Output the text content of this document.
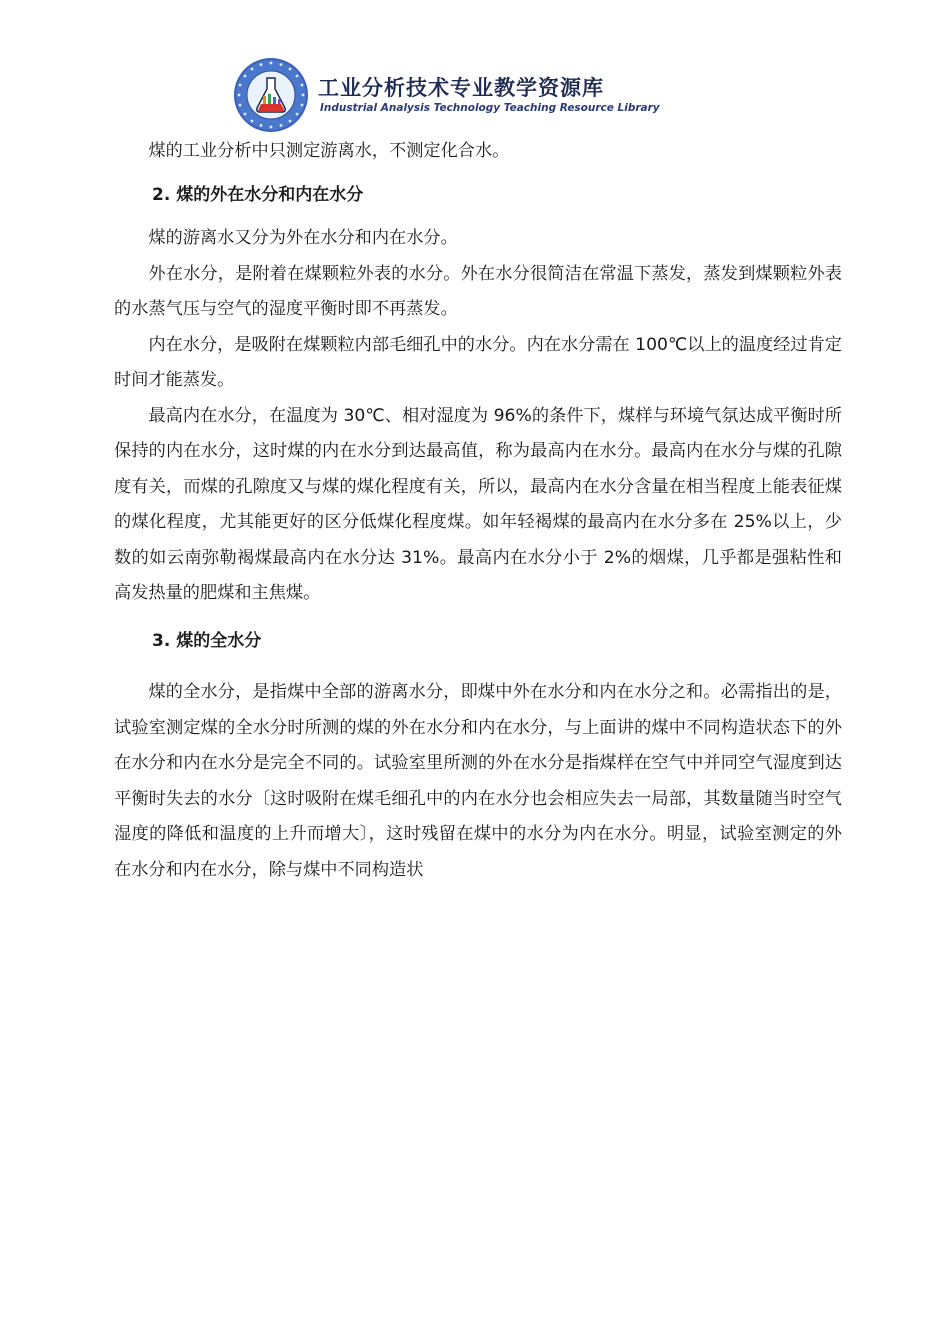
工业分析技术专业教学资源库
Industrial Analysis Technology Teaching Resource Library

煤的工业分析中只测定游离水，不测定化合水。

2. 煤的外在水分和内在水分

煤的游离水又分为外在水分和内在水分。

外在水分，是附着在煤颗粒外表的水分。外在水分很简洁在常温下蒸发，蒸发到煤颗粒外表的水蒸气压与空气的湿度平衡时即不再蒸发。

内在水分，是吸附在煤颗粒内部毛细孔中的水分。内在水分需在 100℃以上的温度经过肯定时间才能蒸发。

最高内在水分，在温度为 30℃、相对湿度为 96%的条件下，煤样与环境气氛达成平衡时所保持的内在水分，这时煤的内在水分到达最高值，称为最高内在水分。最高内在水分与煤的孔隙度有关，而煤的孔隙度又与煤的煤化程度有关，所以，最高内在水分含量在相当程度上能表征煤的煤化程度，尤其能更好的区分低煤化程度煤。如年轻褐煤的最高内在水分多在 25%以上，少数的如云南弥勒褐煤最高内在水分达 31%。最高内在水分小于 2%的烟煤，几乎都是强粘性和高发热量的肥煤和主焦煤。

3. 煤的全水分

煤的全水分，是指煤中全部的游离水分，即煤中外在水分和内在水分之和。必需指出的是，试验室测定煤的全水分时所测的煤的外在水分和内在水分，与上面讲的煤中不同构造状态下的外在水分和内在水分是完全不同的。试验室里所测的外在水分是指煤样在空气中并同空气湿度到达平衡时失去的水分〔这时吸附在煤毛细孔中的内在水分也会相应失去一局部，其数量随当时空气湿度的降低和温度的上升而增大〕，这时残留在煤中的水分为内在水分。明显，试验室测定的外在水分和内在水分，除与煤中不同构造状
